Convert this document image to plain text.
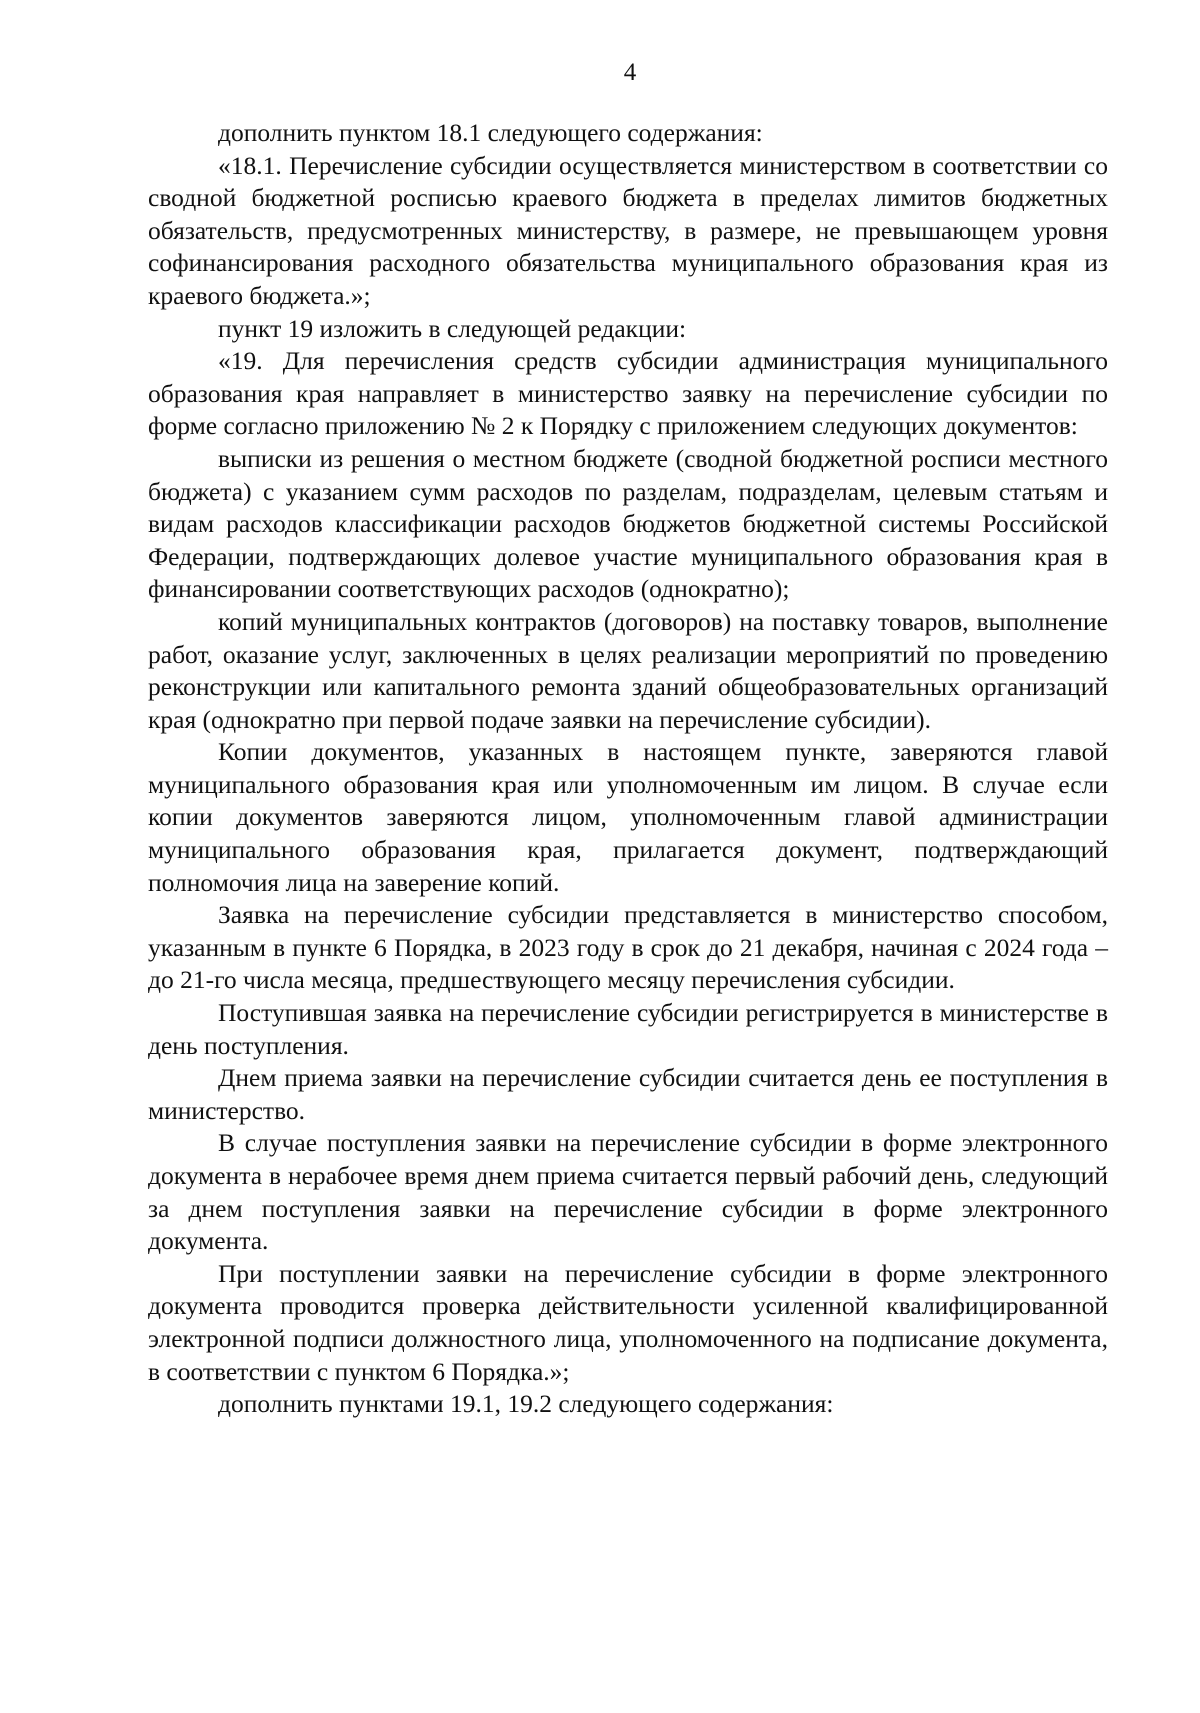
4

дополнить пунктом 18.1 следующего содержания:

«18.1. Перечисление субсидии осуществляется министерством в соответствии со сводной бюджетной росписью краевого бюджета в пределах лимитов бюджетных обязательств, предусмотренных министерству, в размере, не превышающем уровня софинансирования расходного обязательства муниципального образования края из краевого бюджета.»;

пункт 19 изложить в следующей редакции:

«19. Для перечисления средств субсидии администрация муниципального образования края направляет в министерство заявку на перечисление субсидии по форме согласно приложению № 2 к Порядку с приложением следующих документов:

выписки из решения о местном бюджете (сводной бюджетной росписи местного бюджета) с указанием сумм расходов по разделам, подразделам, целевым статьям и видам расходов классификации расходов бюджетов бюджетной системы Российской Федерации, подтверждающих долевое участие муниципального образования края в финансировании соответствующих расходов (однократно);

копий муниципальных контрактов (договоров) на поставку товаров, выполнение работ, оказание услуг, заключенных в целях реализации мероприятий по проведению реконструкции или капитального ремонта зданий общеобразовательных организаций края (однократно при первой подаче заявки на перечисление субсидии).

Копии документов, указанных в настоящем пункте, заверяются главой муниципального образования края или уполномоченным им лицом. В случае если копии документов заверяются лицом, уполномоченным главой администрации муниципального образования края, прилагается документ, подтверждающий полномочия лица на заверение копий.

Заявка на перечисление субсидии представляется в министерство способом, указанным в пункте 6 Порядка, в 2023 году в срок до 21 декабря, начиная с 2024 года – до 21-го числа месяца, предшествующего месяцу перечисления субсидии.

Поступившая заявка на перечисление субсидии регистрируется в министерстве в день поступления.

Днем приема заявки на перечисление субсидии считается день ее поступления в министерство.

В случае поступления заявки на перечисление субсидии в форме электронного документа в нерабочее время днем приема считается первый рабочий день, следующий за днем поступления заявки на перечисление субсидии в форме электронного документа.

При поступлении заявки на перечисление субсидии в форме электронного документа проводится проверка действительности усиленной квалифицированной электронной подписи должностного лица, уполномоченного на подписание документа, в соответствии с пунктом 6 Порядка.»;

дополнить пунктами 19.1, 19.2 следующего содержания:
